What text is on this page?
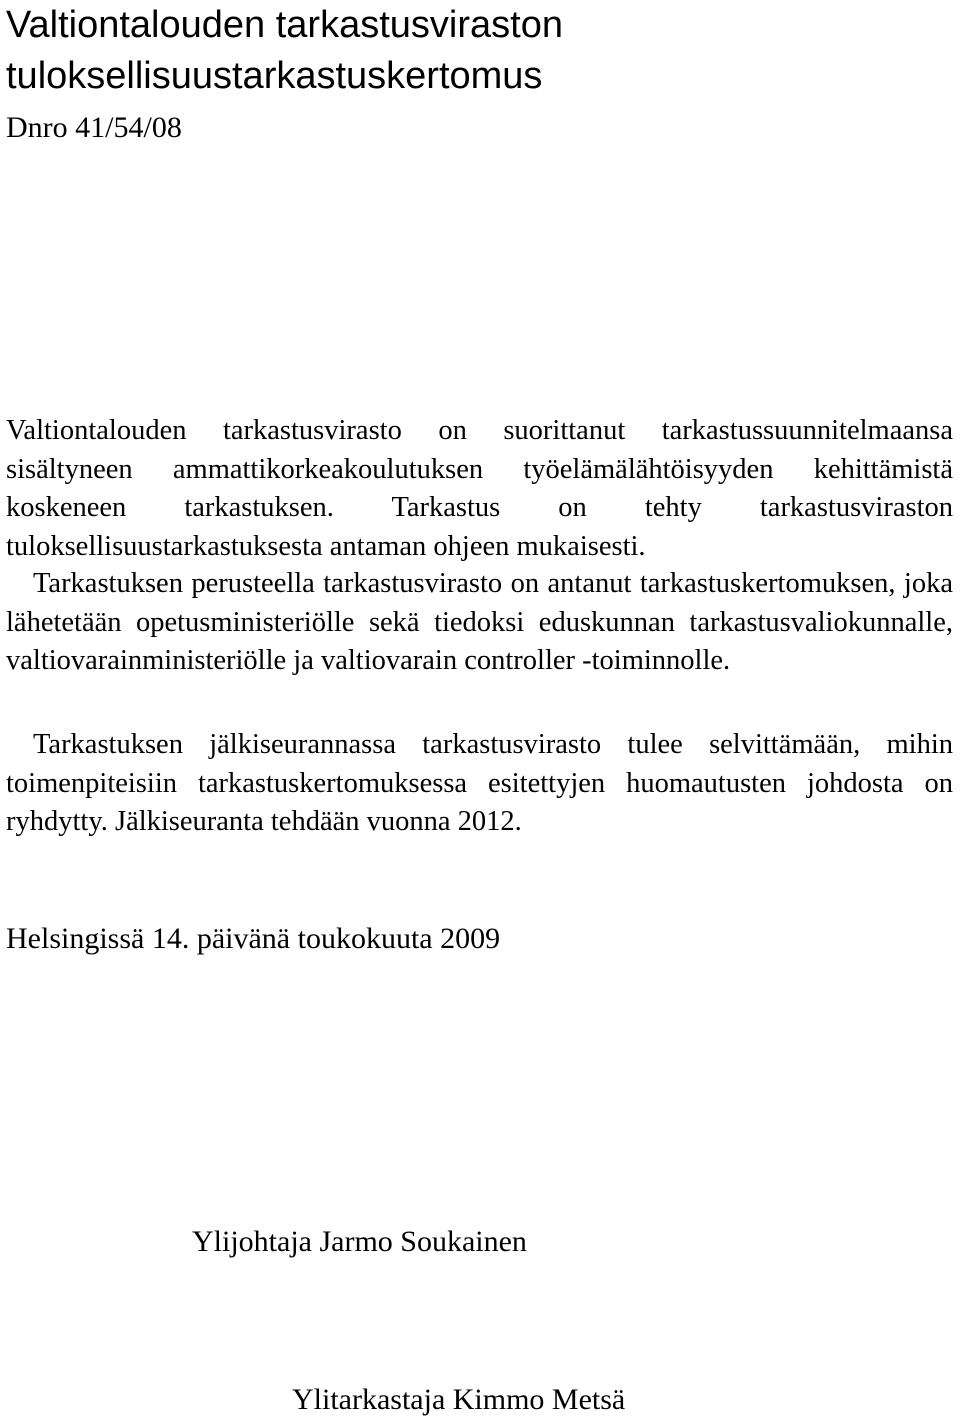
Valtiontalouden tarkastusviraston tuloksellisuustarkastuskertomus

Dnro 41/54/08

Valtiontalouden tarkastusvirasto on suorittanut tarkastussuunnitelmaansa sisältyneen ammattikorkeakoulutuksen työelämälähtöisyyden kehittämistä koskeneen tarkastuksen. Tarkastus on tehty tarkastusviraston tuloksellisuustarkastuksesta antaman ohjeen mukaisesti.

Tarkastuksen perusteella tarkastusvirasto on antanut tarkastuskertomuksen, joka lähetetään opetusministeriölle sekä tiedoksi eduskunnan tarkastusvaliokunnalle, valtiovarainministeriölle ja valtiovarain controller -toiminnolle.

Tarkastuksen jälkiseurannassa tarkastusvirasto tulee selvittämään, mihin toimenpiteisiin tarkastuskertomuksessa esitettyjen huomautusten johdosta on ryhdytty. Jälkiseuranta tehdään vuonna 2012.

Helsingissä 14. päivänä toukokuuta 2009

Ylijohtaja Jarmo Soukainen

Ylitarkastaja Kimmo Metsä
